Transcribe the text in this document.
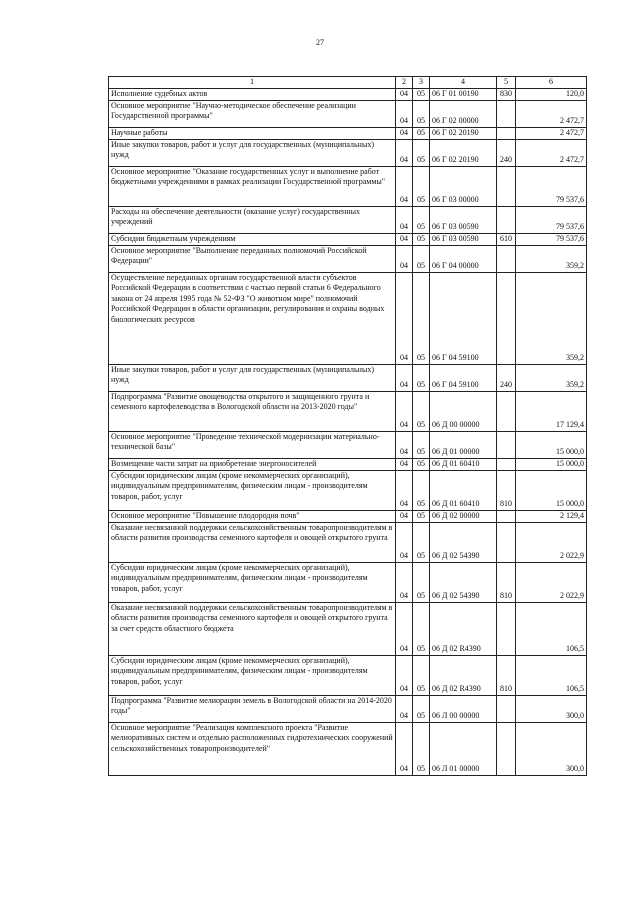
27
1	2	3	4	5	6
Исполнение судебных актов	04	05	06 Г 01 00190	830	120,0
Основное мероприятие "Научно-методическое обеспечение реализации Государственной программы"	04	05	06 Г 02 00000		2 472,7
Научные работы	04	05	06 Г 02 20190		2 472,7
Иные закупки товаров, работ и услуг для государственных (муниципальных) нужд	04	05	06 Г 02 20190	240	2 472,7
Основное мероприятие "Оказание государственных услуг и выполнение работ бюджетными учреждениями в рамках реализации Государственной программы"	04	05	06 Г 03 00000		79 537,6
Расходы на обеспечение деятельности (оказание услуг) государственных учреждений	04	05	06 Г 03 00590		79 537,6
Субсидии бюджетным учреждениям	04	05	06 Г 03 00590	610	79 537,6
Основное мероприятие "Выполнение переданных полномочий Российской Федерации"	04	05	06 Г 04 00000		359,2
Осуществление переданных органам государственной власти субъектов Российской Федерации в соответствии с частью первой статьи 6 Федерального закона от 24 апреля 1995 года № 52-ФЗ "О животном мире" полномочий Российской Федерации в области организации, регулирования и охраны водных биологических ресурсов	04	05	06 Г 04 59100		359,2
Иные закупки товаров, работ и услуг для государственных (муниципальных) нужд	04	05	06 Г 04 59100	240	359,2
Подпрограмма "Развитие овощеводства открытого и защищенного грунта и семенного картофелеводства в Вологодской области на 2013-2020 годы"	04	05	06 Д 00 00000		17 129,4
Основное мероприятие "Проведение технической модернизации материально-технической базы"	04	05	06 Д 01 00000		15 000,0
Возмещение части затрат на приобретение энергоносителей	04	05	06 Д 01 60410		15 000,0
Субсидии юридическим лицам (кроме некоммерческих организаций), индивидуальным предпринимателям, физическим лицам - производителям товаров, работ, услуг	04	05	06 Д 01 60410	810	15 000,0
Основное мероприятие "Повышение плодородия почв"	04	05	06 Д 02 00000		2 129,4
Оказание несвязанной поддержки сельскохозяйственным товаропроизводителям в области развития производства семенного картофеля и овощей открытого грунта	04	05	06 Д 02 54390		2 022,9
Субсидии юридическим лицам (кроме некоммерческих организаций), индивидуальным предпринимателям, физическим лицам - производителям товаров, работ, услуг	04	05	06 Д 02 54390	810	2 022,9
Оказание несвязанной поддержки сельскохозяйственным товаропроизводителям в области развития производства семенного картофеля и овощей открытого грунта за счет средств областного бюджета	04	05	06 Д 02 R4390		106,5
Субсидии юридическим лицам (кроме некоммерческих организаций), индивидуальным предпринимателям, физическим лицам - производителям товаров, работ, услуг	04	05	06 Д 02 R4390	810	106,5
Подпрограмма "Развитие мелиорации земель в Вологодской области на 2014-2020 годы"	04	05	06 Л 00 00000		300,0
Основное мероприятие "Реализация комплексного проекта "Развитие мелиоративных систем и отдельно расположенных гидротехнических сооружений сельскохозяйственных товаропроизводителей"	04	05	06 Л 01 00000		300,0
